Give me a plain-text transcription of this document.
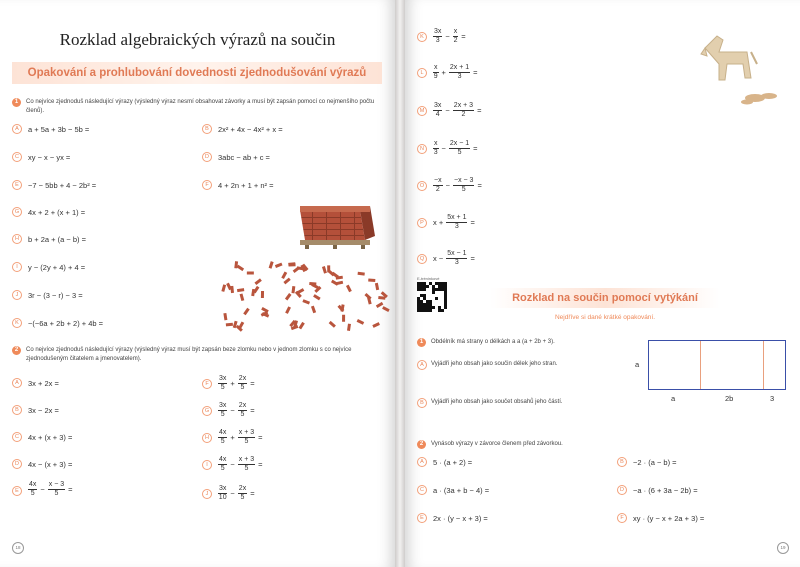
Rozklad algebraických výrazů na součin
Opakování a prohlubování dovednosti zjednodušování výrazů
1	Co nejvíce zjednoduš následující výrazy (výsledný výraz nesmí obsahovat závorky a musí být zapsán pomocí co nejmenšího počtu členů).
A	a + 5a + 3b − 5b =
C	xy − x − yx =
E	−7 − 5bb + 4 − 2b² =
G	4x + 2 + (x + 1) =
H	b + 2a + (a − b) =
I	y − (2y + 4) + 4 =
J	3r − (3 − r) − 3 =
K	−(−6a + 2b + 2) + 4b =
B	2x² + 4x − 4x² + x =
D	3abc − ab + c =
F	4 + 2n + 1 + n² =
2	Co nejvíce zjednoduš následující výrazy (výsledný výraz musí být zapsán beze zlomku nebo v jednom zlomku s co nejvíce zjednodušeným čitatelem a jmenovatelem).
A	3x + 2x =
B	3x − 2x =
C	4x + (x + 3) =
D	4x − (x + 3) =
E	$\frac{4x}{5} - \frac{x - 3}{5}$ =
F	$\frac{3x}{5} + \frac{2x}{5}$ =
G	$\frac{3x}{5} - \frac{2x}{5}$ =
H	$\frac{4x}{5} + \frac{x + 3}{5}$ =
I	$\frac{4x}{5} - \frac{x + 3}{5}$ =
J	$\frac{3x}{10} - \frac{2x}{5}$ =
18
K	$\frac{3x}{3} - \frac{x}{2}$ =
L	$\frac{x}{9} + \frac{2x + 1}{3}$ =
M	$\frac{3x}{4} - \frac{2x + 3}{2}$ =
N	$\frac{x}{3} - \frac{2x - 1}{5}$ =
O	$\frac{-x}{2} - \frac{-x - 3}{5}$ =
P	$x + \frac{5x + 1}{3}$ =
Q	$x - \frac{5x - 1}{3}$ =
E-tréninkové
Rozklad na součin pomocí vytýkání
Nejdříve si dané krátké opakování.
1	Obdélník má strany o délkách a a (a + 2b + 3).
A	Vyjádři jeho obsah jako součin délek jeho stran.
B	Vyjádři jeho obsah jako součet obsahů jeho částí.
a
a	2b	3
2	Vynásob výrazy v závorce členem před závorkou.
A	5 · (a + 2) =	B	−2 · (a − b) =
C	a · (3a + b − 4) =	D	−a · (6 + 3a − 2b) =
E	2x · (y − x + 3) =	F	xy · (y − x + 2a + 3) =
19
